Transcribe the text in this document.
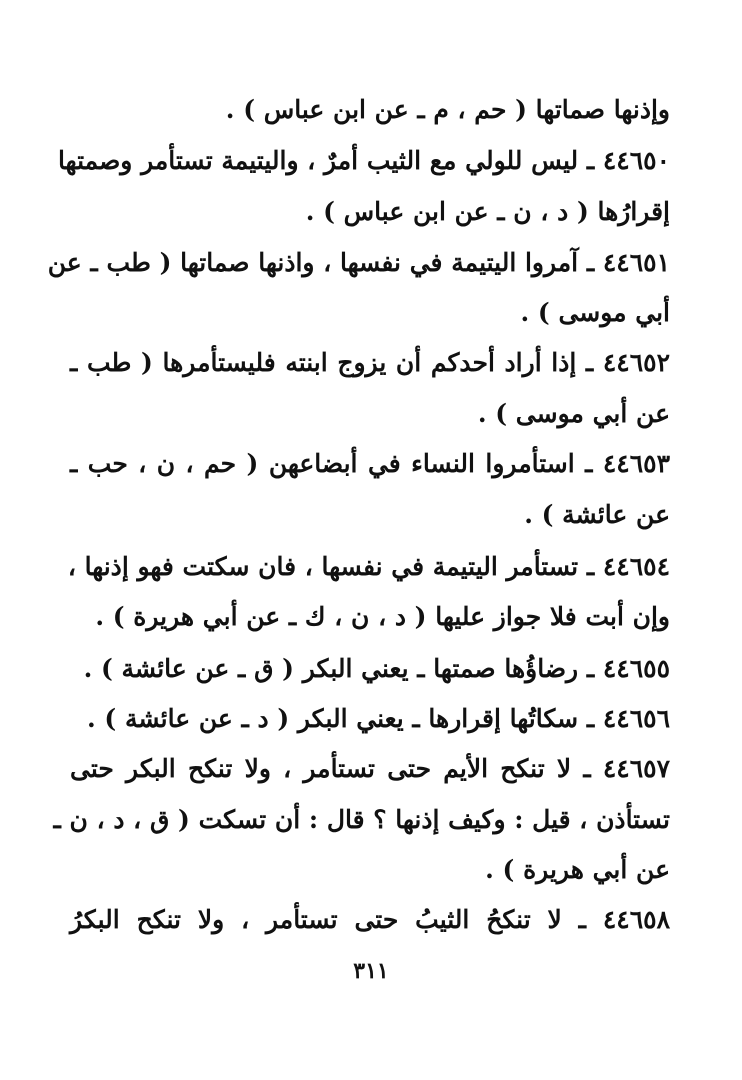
وإذنها صماتها ( حم ، م ـ عن ابن عباس ) .
٤٤٦٥٠ ـ ليس للولي مع الثيب أمرٌ ، واليتيمة تستأمر وصمتها
إقرارُها ( د ، ن ـ عن ابن عباس ) .
٤٤٦٥١ ـ آمروا اليتيمة في نفسها ، واذنها صماتها ( طب ـ عن
أبي موسى ) .
٤٤٦٥٢ ـ إذا أراد أحدكم أن يزوج ابنته فليستأمرها ( طب ـ
عن أبي موسى ) .
٤٤٦٥٣ ـ استأمروا النساء في أبضاعهن ( حم ، ن ، حب ـ
عن عائشة ) .
٤٤٦٥٤ ـ تستأمر اليتيمة في نفسها ، فان سكتت فهو إذنها ،
وإن أبت فلا جواز عليها ( د ، ن ، ك ـ عن أبي هريرة ) .
٤٤٦٥٥ ـ رضاؤُها صمتها ـ يعني البكر ( ق ـ عن عائشة ) .
٤٤٦٥٦ ـ سكاتُها إقرارها ـ يعني البكر ( د ـ عن عائشة ) .
٤٤٦٥٧ ـ لا تنكح الأيم حتى تستأمر ، ولا تنكح البكر حتى
تستأذن ، قيل : وكيف إذنها ؟ قال : أن تسكت ( ق ، د ، ن ـ
عن أبي هريرة ) .
٤٤٦٥٨ ـ لا تنكحُ الثيبُ حتى تستأمر ، ولا تنكح البكرُ
٣١١
